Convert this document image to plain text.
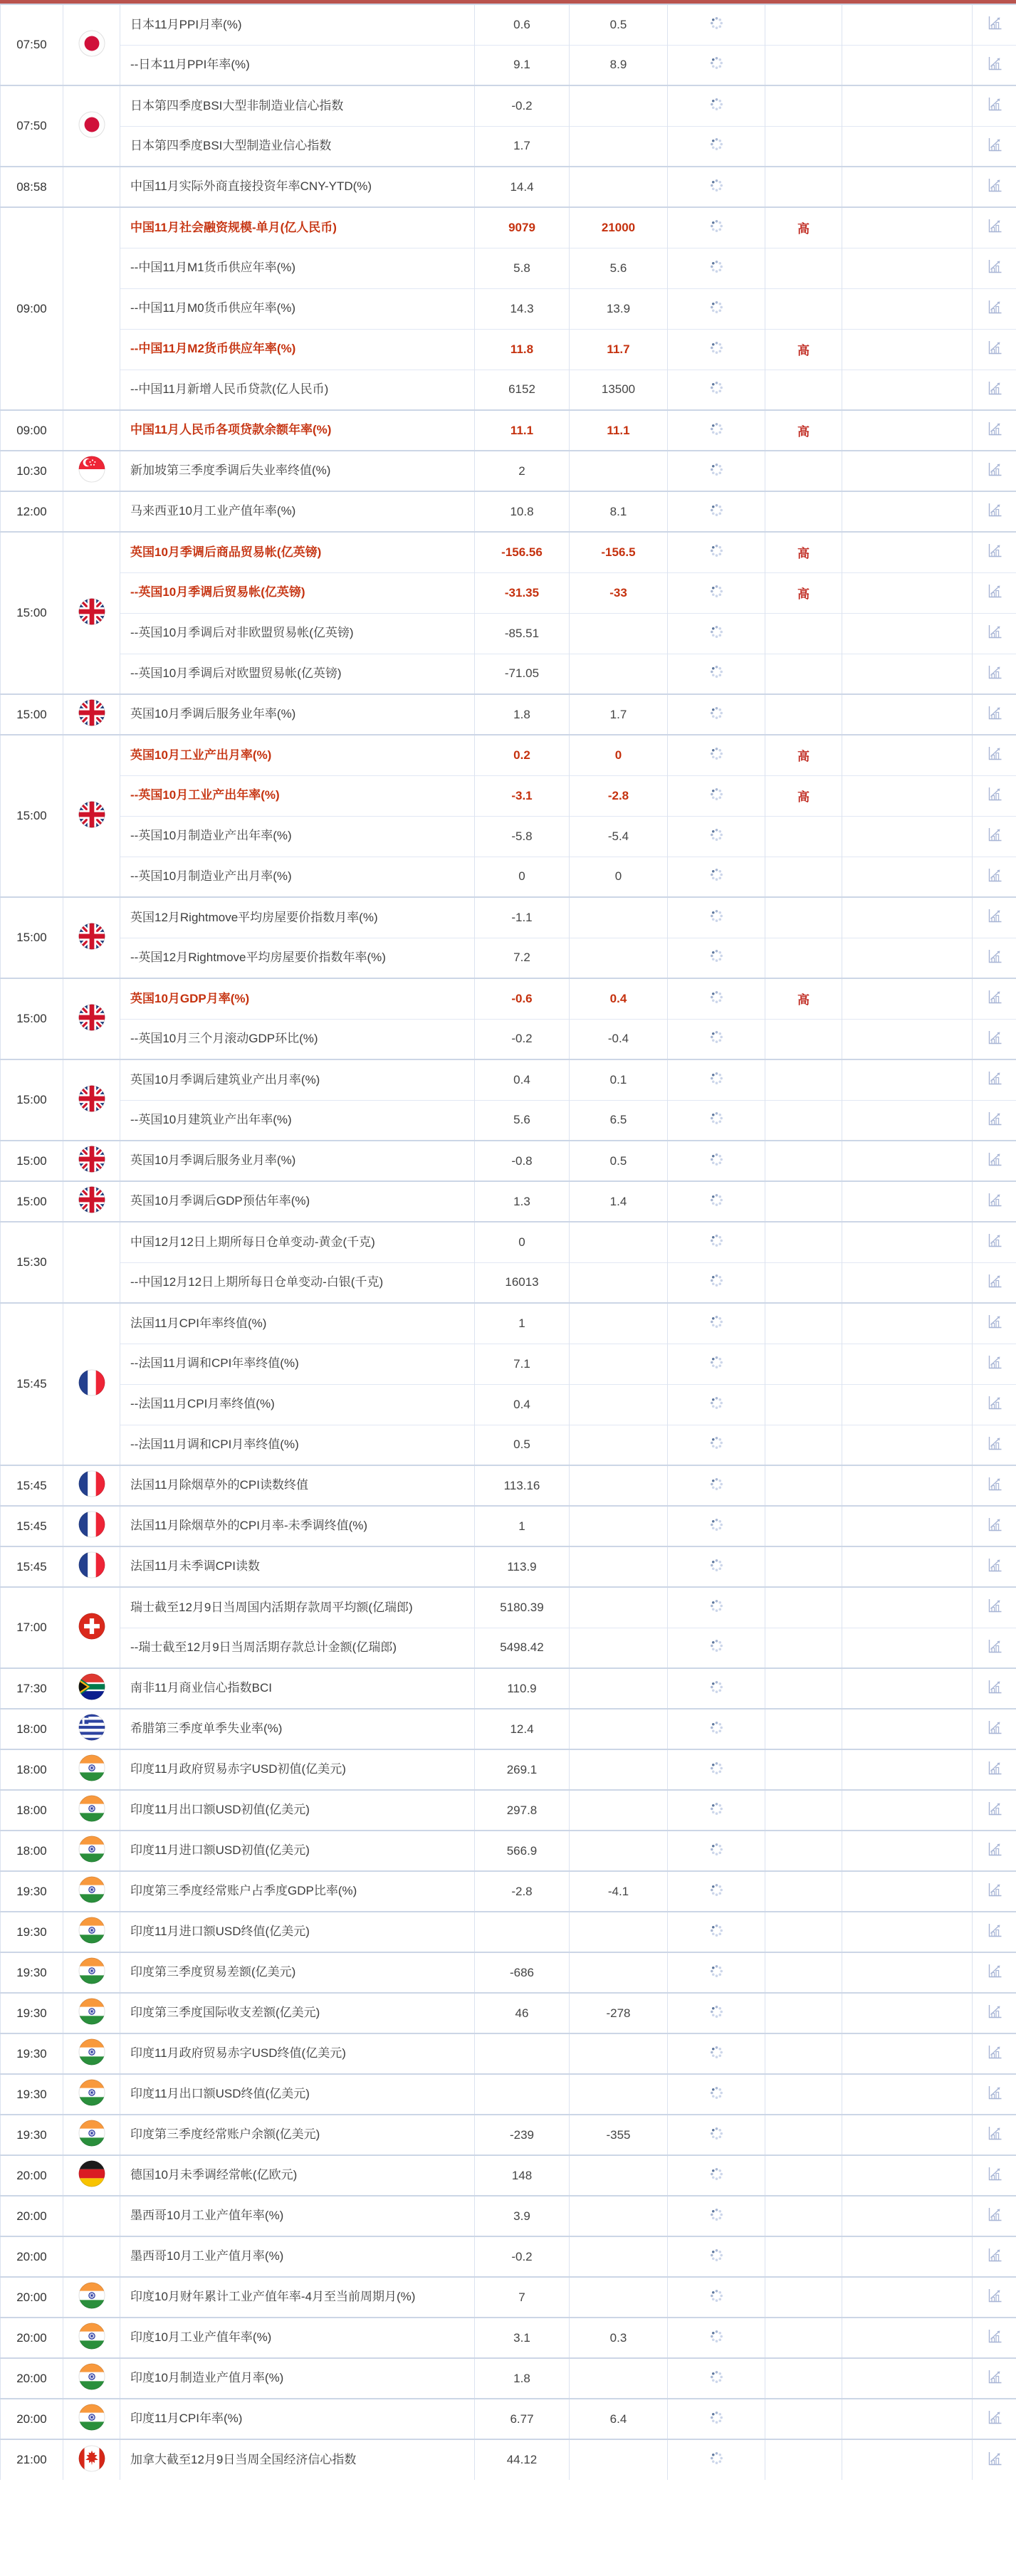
07:50		日本11月PPI月率(%)	0.6	0.5				
		--日本11月PPI年率(%)	9.1	8.9				
07:50		日本第四季度BSI大型非制造业信心指数	-0.2					
		日本第四季度BSI大型制造业信心指数	1.7					
08:58		中国11月实际外商直接投资年率CNY-YTD(%)	14.4					
09:00		中国11月社会融资规模-单月(亿人民币)	9079	21000		高		
		--中国11月M1货币供应年率(%)	5.8	5.6				
		--中国11月M0货币供应年率(%)	14.3	13.9				
		--中国11月M2货币供应年率(%)	11.8	11.7		高		
		--中国11月新增人民币贷款(亿人民币)	6152	13500				
09:00		中国11月人民币各项贷款余额年率(%)	11.1	11.1		高		
10:30		新加坡第三季度季调后失业率终值(%)	2					
12:00		马来西亚10月工业产值年率(%)	10.8	8.1				
15:00		英国10月季调后商品贸易帐(亿英镑)	-156.56	-156.5		高		
		--英国10月季调后贸易帐(亿英镑)	-31.35	-33		高		
		--英国10月季调后对非欧盟贸易帐(亿英镑)	-85.51					
		--英国10月季调后对欧盟贸易帐(亿英镑)	-71.05					
15:00		英国10月季调后服务业年率(%)	1.8	1.7				
15:00		英国10月工业产出月率(%)	0.2	0		高		
		--英国10月工业产出年率(%)	-3.1	-2.8		高		
		--英国10月制造业产出年率(%)	-5.8	-5.4				
		--英国10月制造业产出月率(%)	0	0				
15:00		英国12月Rightmove平均房屋要价指数月率(%)	-1.1					
		--英国12月Rightmove平均房屋要价指数年率(%)	7.2					
15:00		英国10月GDP月率(%)	-0.6	0.4		高		
		--英国10月三个月滚动GDP环比(%)	-0.2	-0.4				
15:00		英国10月季调后建筑业产出月率(%)	0.4	0.1				
		--英国10月建筑业产出年率(%)	5.6	6.5				
15:00		英国10月季调后服务业月率(%)	-0.8	0.5				
15:00		英国10月季调后GDP预估年率(%)	1.3	1.4				
15:30		中国12月12日上期所每日仓单变动-黄金(千克)	0					
		--中国12月12日上期所每日仓单变动-白银(千克)	16013					
15:45		法国11月CPI年率终值(%)	1					
		--法国11月调和CPI年率终值(%)	7.1					
		--法国11月CPI月率终值(%)	0.4					
		--法国11月调和CPI月率终值(%)	0.5					
15:45		法国11月除烟草外的CPI读数终值	113.16					
15:45		法国11月除烟草外的CPI月率-未季调终值(%)	1					
15:45		法国11月未季调CPI读数	113.9					
17:00		瑞士截至12月9日当周国内活期存款周平均额(亿瑞郎)	5180.39					
		--瑞士截至12月9日当周活期存款总计金额(亿瑞郎)	5498.42					
17:30		南非11月商业信心指数BCI	110.9					
18:00		希腊第三季度单季失业率(%)	12.4					
18:00		印度11月政府贸易赤字USD初值(亿美元)	269.1					
18:00		印度11月出口额USD初值(亿美元)	297.8					
18:00		印度11月进口额USD初值(亿美元)	566.9					
19:30		印度第三季度经常账户占季度GDP比率(%)	-2.8	-4.1				
19:30		印度11月进口额USD终值(亿美元)						
19:30		印度第三季度贸易差额(亿美元)	-686					
19:30		印度第三季度国际收支差额(亿美元)	46	-278				
19:30		印度11月政府贸易赤字USD终值(亿美元)						
19:30		印度11月出口额USD终值(亿美元)						
19:30		印度第三季度经常账户余额(亿美元)	-239	-355				
20:00		德国10月未季调经常帐(亿欧元)	148					
20:00		墨西哥10月工业产值年率(%)	3.9					
20:00		墨西哥10月工业产值月率(%)	-0.2					
20:00		印度10月财年累计工业产值年率-4月至当前周期月(%)	7					
20:00		印度10月工业产值年率(%)	3.1	0.3				
20:00		印度10月制造业产值月率(%)	1.8					
20:00		印度11月CPI年率(%)	6.77	6.4				
21:00		加拿大截至12月9日当周全国经济信心指数	44.12					
